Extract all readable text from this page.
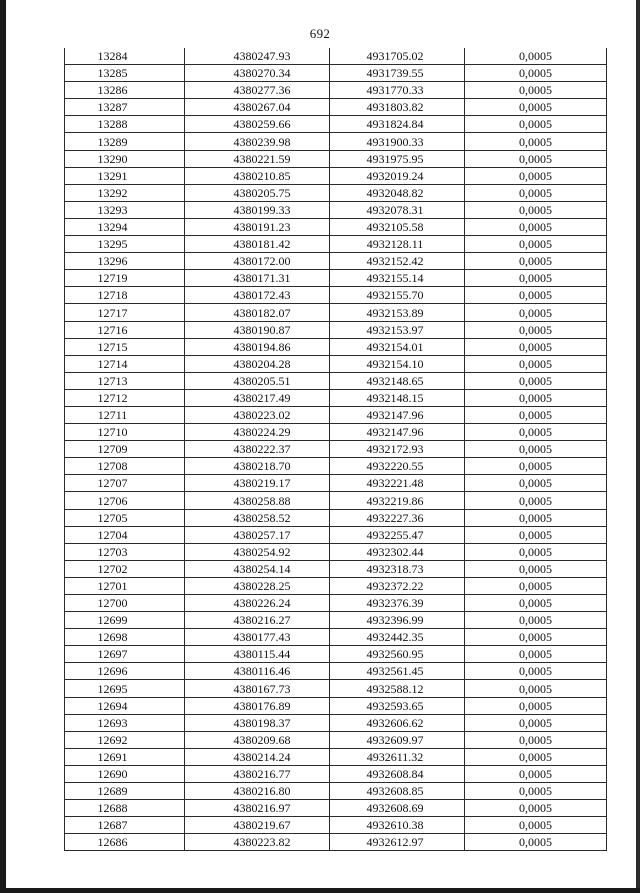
692
13284	4380247.93	4931705.02	0,0005
13285	4380270.34	4931739.55	0,0005
13286	4380277.36	4931770.33	0,0005
13287	4380267.04	4931803.82	0,0005
13288	4380259.66	4931824.84	0,0005
13289	4380239.98	4931900.33	0,0005
13290	4380221.59	4931975.95	0,0005
13291	4380210.85	4932019.24	0,0005
13292	4380205.75	4932048.82	0,0005
13293	4380199.33	4932078.31	0,0005
13294	4380191.23	4932105.58	0,0005
13295	4380181.42	4932128.11	0,0005
13296	4380172.00	4932152.42	0,0005
12719	4380171.31	4932155.14	0,0005
12718	4380172.43	4932155.70	0,0005
12717	4380182.07	4932153.89	0,0005
12716	4380190.87	4932153.97	0,0005
12715	4380194.86	4932154.01	0,0005
12714	4380204.28	4932154.10	0,0005
12713	4380205.51	4932148.65	0,0005
12712	4380217.49	4932148.15	0,0005
12711	4380223.02	4932147.96	0,0005
12710	4380224.29	4932147.96	0,0005
12709	4380222.37	4932172.93	0,0005
12708	4380218.70	4932220.55	0,0005
12707	4380219.17	4932221.48	0,0005
12706	4380258.88	4932219.86	0,0005
12705	4380258.52	4932227.36	0,0005
12704	4380257.17	4932255.47	0,0005
12703	4380254.92	4932302.44	0,0005
12702	4380254.14	4932318.73	0,0005
12701	4380228.25	4932372.22	0,0005
12700	4380226.24	4932376.39	0,0005
12699	4380216.27	4932396.99	0,0005
12698	4380177.43	4932442.35	0,0005
12697	4380115.44	4932560.95	0,0005
12696	4380116.46	4932561.45	0,0005
12695	4380167.73	4932588.12	0,0005
12694	4380176.89	4932593.65	0,0005
12693	4380198.37	4932606.62	0,0005
12692	4380209.68	4932609.97	0,0005
12691	4380214.24	4932611.32	0,0005
12690	4380216.77	4932608.84	0,0005
12689	4380216.80	4932608.85	0,0005
12688	4380216.97	4932608.69	0,0005
12687	4380219.67	4932610.38	0,0005
12686	4380223.82	4932612.97	0,0005
